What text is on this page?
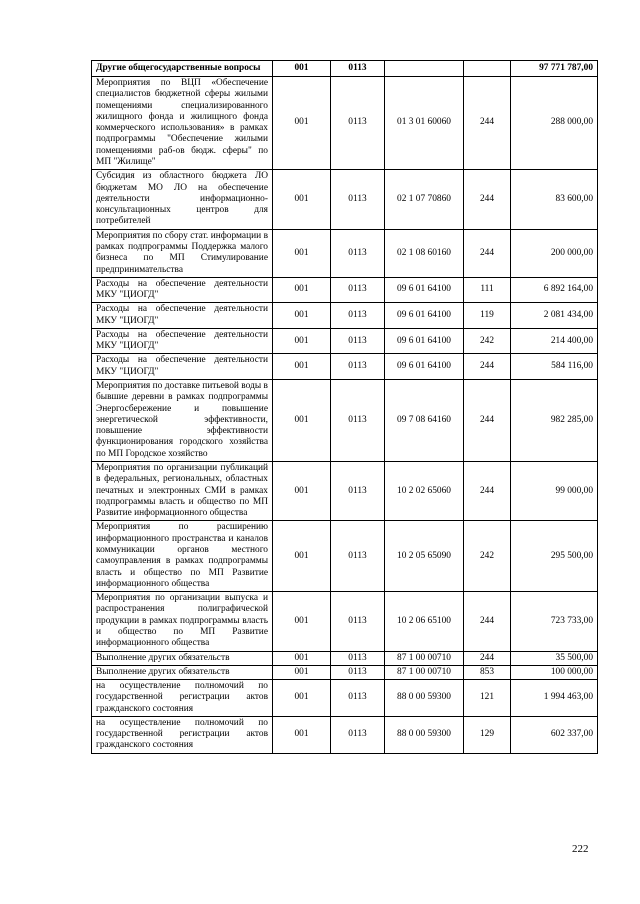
Другие общегосударственные вопросы	001	0113			97 771 787,00
Мероприятия по ВЦП «Обеспечение специалистов бюджетной сферы жилыми помещениями специализированного жилищного фонда и жилищного фонда коммерческого использования» в рамках подпрограммы "Обеспечение жилыми помещениями раб-ов бюдж. сферы" по МП "Жилище"	001	0113	01 3 01 60060	244	288 000,00
Субсидия из областного бюджета ЛО бюджетам МО ЛО на обеспечение деятельности информационно-консультационных центров для потребителей	001	0113	02 1 07 70860	244	83 600,00
Мероприятия по сбору стат. информации в рамках подпрограммы Поддержка малого бизнеса по МП Стимулирование предпринимательства	001	0113	02 1 08 60160	244	200 000,00
Расходы на обеспечение деятельности МКУ "ЦИОГД"	001	0113	09 6 01 64100	111	6 892 164,00
Расходы на обеспечение деятельности МКУ "ЦИОГД"	001	0113	09 6 01 64100	119	2 081 434,00
Расходы на обеспечение деятельности МКУ "ЦИОГД"	001	0113	09 6 01 64100	242	214 400,00
Расходы на обеспечение деятельности МКУ "ЦИОГД"	001	0113	09 6 01 64100	244	584 116,00
Мероприятия по доставке питьевой воды в бывшие деревни в рамках подпрограммы Энергосбережение и повышение энергетической эффективности, повышение эффективности функционирования городского хозяйства по МП Городское хозяйство	001	0113	09 7 08 64160	244	982 285,00
Мероприятия по организации публикаций в федеральных, региональных, областных печатных и электронных СМИ в рамках подпрограммы власть и общество по МП Развитие информационного общества	001	0113	10 2 02 65060	244	99 000,00
Мероприятия по расширению информационного пространства и каналов коммуникации органов местного самоуправления в рамках подпрограммы власть и общество по МП Развитие информационного общества	001	0113	10 2 05 65090	242	295 500,00
Мероприятия по организации выпуска и распространения полиграфической продукции в рамках подпрограммы власть и общество по МП Развитие информационного общества	001	0113	10 2 06 65100	244	723 733,00
Выполнение других обязательств	001	0113	87 1 00 00710	244	35 500,00
Выполнение других обязательств	001	0113	87 1 00 00710	853	100 000,00
на осуществление полномочий по государственной регистрации актов гражданского состояния	001	0113	88 0 00 59300	121	1 994 463,00
на осуществление полномочий по государственной регистрации актов гражданского состояния	001	0113	88 0 00 59300	129	602 337,00
222
